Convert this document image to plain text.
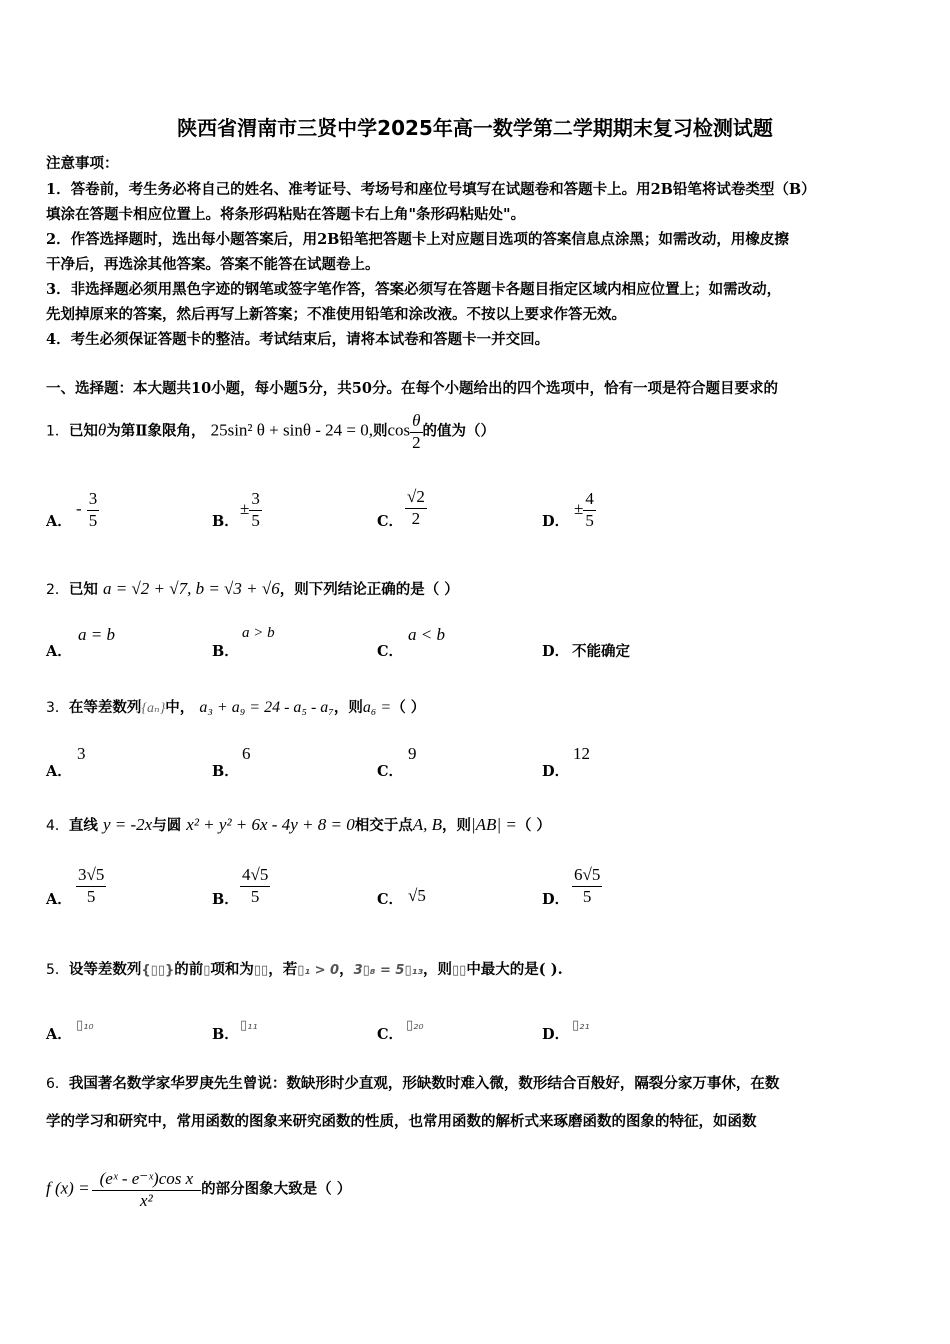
陕西省渭南市三贤中学2025年高一数学第二学期期末复习检测试题
注意事项：
1．答卷前，考生务必将自己的姓名、准考证号、考场号和座位号填写在试题卷和答题卡上。用2B铅笔将试卷类型（B）
填涂在答题卡相应位置上。将条形码粘贴在答题卡右上角"条形码粘贴处"。
2．作答选择题时，选出每小题答案后，用2B铅笔把答题卡上对应题目选项的答案信息点涂黑；如需改动，用橡皮擦
干净后，再选涂其他答案。答案不能答在试题卷上。
3．非选择题必须用黑色字迹的钢笔或签字笔作答，答案必须写在答题卡各题目指定区域内相应位置上；如需改动，
先划掉原来的答案，然后再写上新答案；不准使用铅笔和涂改液。不按以上要求作答无效。
4．考生必须保证答题卡的整洁。考试结束后，请将本试卷和答题卡一并交回。
一、选择题：本大题共10小题，每小题5分，共50分。在每个小题给出的四个选项中，恰有一项是符合题目要求的
1．已知θ为第Ⅱ象限角， 25sin² θ + sinθ - 24 = 0,则$\cos \frac{\theta}{2}$ 的值为（）
A．
- $\frac{3}{5}$	B．
± $\frac{3}{5}$	C． $\frac{√2}{2}$	D．
± $\frac{4}{5}$
2．已知 a = √2 + √7, b = √3 + √6，则下列结论正确的是（ ）
A．
a = b
B．
a > b
C．
a < b
D． 不能确定
3．在等差数列{aₙ}中， a₃ + a₉ = 24 - a₅ - a₇，则a₆ =（ ）
A．
3
B．
6
C．
9
D．
12
4．直线 y = -2x与圆 x² + y² + 6x - 4y + 8 = 0相交于点A, B，则|AB| =（ ）
A． $\frac{3√5}{5}$	B． $\frac{4√5}{5}$	C． √5	D． $\frac{6√5}{5}$
5．设等差数列{▯▯}的前▯项和为▯▯，若▯₁ > 0，3▯₈ = 5▯₁₃，则▯▯中最大的是( ).
A．
▯₁₀
B．
▯₁₁
C．
▯₂₀
D．
▯₂₁
6．我国著名数学家华罗庚先生曾说：数缺形时少直观，形缺数时难入微，数形结合百般好，隔裂分家万事休，在数
学的学习和研究中，常用函数的图象来研究函数的性质，也常用函数的解析式来琢磨函数的图象的特征，如函数
f $(x) = \frac{\text{(eˣ - e⁻ˣ)cos x}}{\text{x²}}$ 的部分图象大致是（ ）
